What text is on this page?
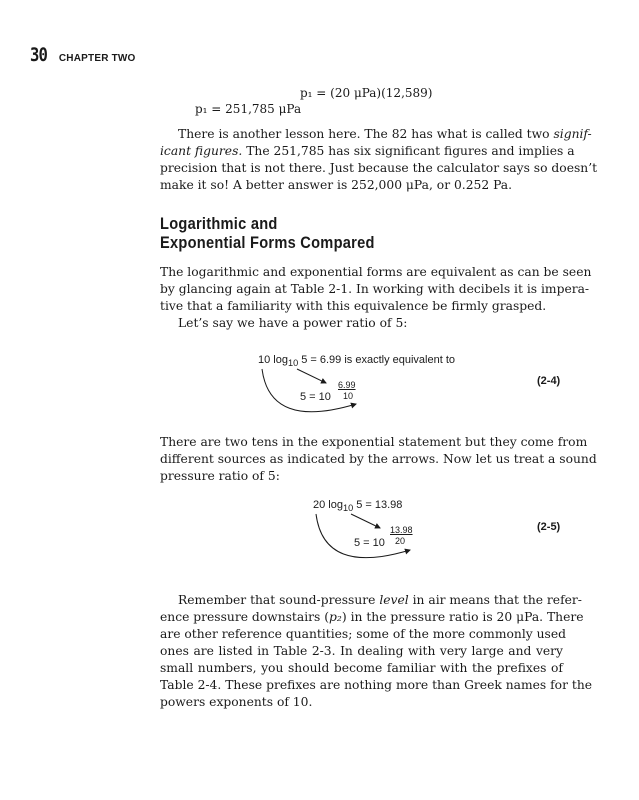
30 CHAPTER TWO
p₁ = (20 μPa)(12,589)
p₁ = 251,785 μPa
There is another lesson here. The 82 has what is called two signif-
icant figures. The 251,785 has six significant figures and implies a
precision that is not there. Just because the calculator says so doesn’t
make it so! A better answer is 252,000 μPa, or 0.252 Pa.
Logarithmic and
Exponential Forms Compared
The logarithmic and exponential forms are equivalent as can be seen
by glancing again at Table 2-1. In working with decibels it is impera-
tive that a familiarity with this equivalence be firmly grasped.
Let’s say we have a power ratio of 5:
10 $\log_{10} 5 = 6.99$ is exactly equivalent to
5 = 10
6.99
10
(2-4)
There are two tens in the exponential statement but they come from
different sources as indicated by the arrows. Now let us treat a sound
pressure ratio of 5:
20 $\log_{10} 5 = 13.98$
5 = 10
13.98
20
(2-5)
Remember that sound-pressure level in air means that the refer-
ence pressure downstairs (p₂) in the pressure ratio is 20 μPa. There
are other reference quantities; some of the more commonly used
ones are listed in Table 2-3. In dealing with very large and very
small numbers, you should become familiar with the prefixes of
Table 2-4. These prefixes are nothing more than Greek names for the
powers exponents of 10.
